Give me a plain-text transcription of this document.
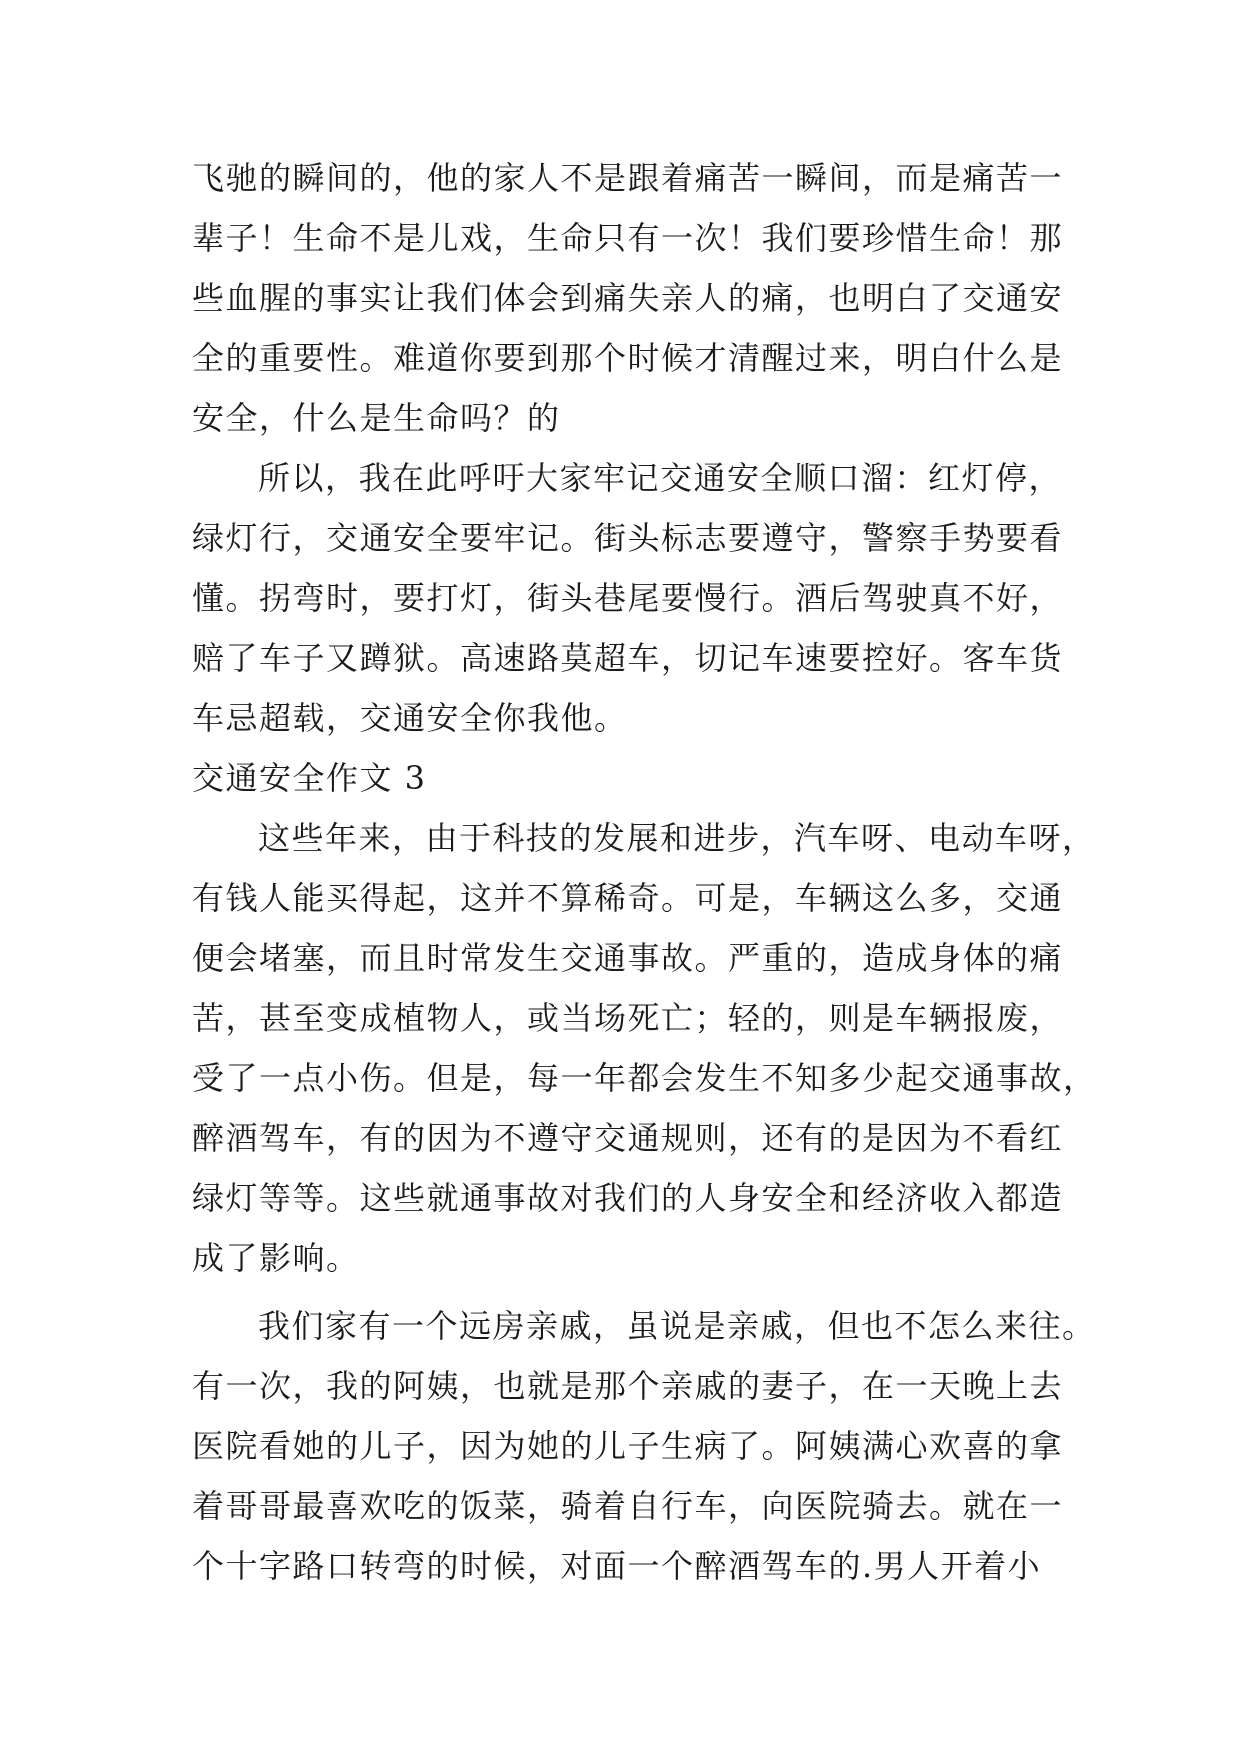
飞驰的瞬间的，他的家人不是跟着痛苦一瞬间，而是痛苦一
辈子！生命不是儿戏，生命只有一次！我们要珍惜生命！那
些血腥的事实让我们体会到痛失亲人的痛，也明白了交通安
全的重要性。难道你要到那个时候才清醒过来，明白什么是
安全，什么是生命吗？的
所以，我在此呼吁大家牢记交通安全顺口溜：红灯停，
绿灯行，交通安全要牢记。街头标志要遵守，警察手势要看
懂。拐弯时，要打灯，街头巷尾要慢行。酒后驾驶真不好，
赔了车子又蹲狱。高速路莫超车，切记车速要控好。客车货
车忌超载，交通安全你我他。
交通安全作文 3
这些年来，由于科技的发展和进步，汽车呀、电动车呀，
有钱人能买得起，这并不算稀奇。可是，车辆这么多，交通
便会堵塞，而且时常发生交通事故。严重的，造成身体的痛
苦，甚至变成植物人，或当场死亡；轻的，则是车辆报废，
受了一点小伤。但是，每一年都会发生不知多少起交通事故，
醉酒驾车，有的因为不遵守交通规则，还有的是因为不看红
绿灯等等。这些就通事故对我们的人身安全和经济收入都造
成了影响。
我们家有一个远房亲戚，虽说是亲戚，但也不怎么来往。
有一次，我的阿姨，也就是那个亲戚的妻子，在一天晚上去
医院看她的儿子，因为她的儿子生病了。阿姨满心欢喜的拿
着哥哥最喜欢吃的饭菜，骑着自行车，向医院骑去。就在一
个十字路口转弯的时候，对面一个醉酒驾车的.男人开着小
